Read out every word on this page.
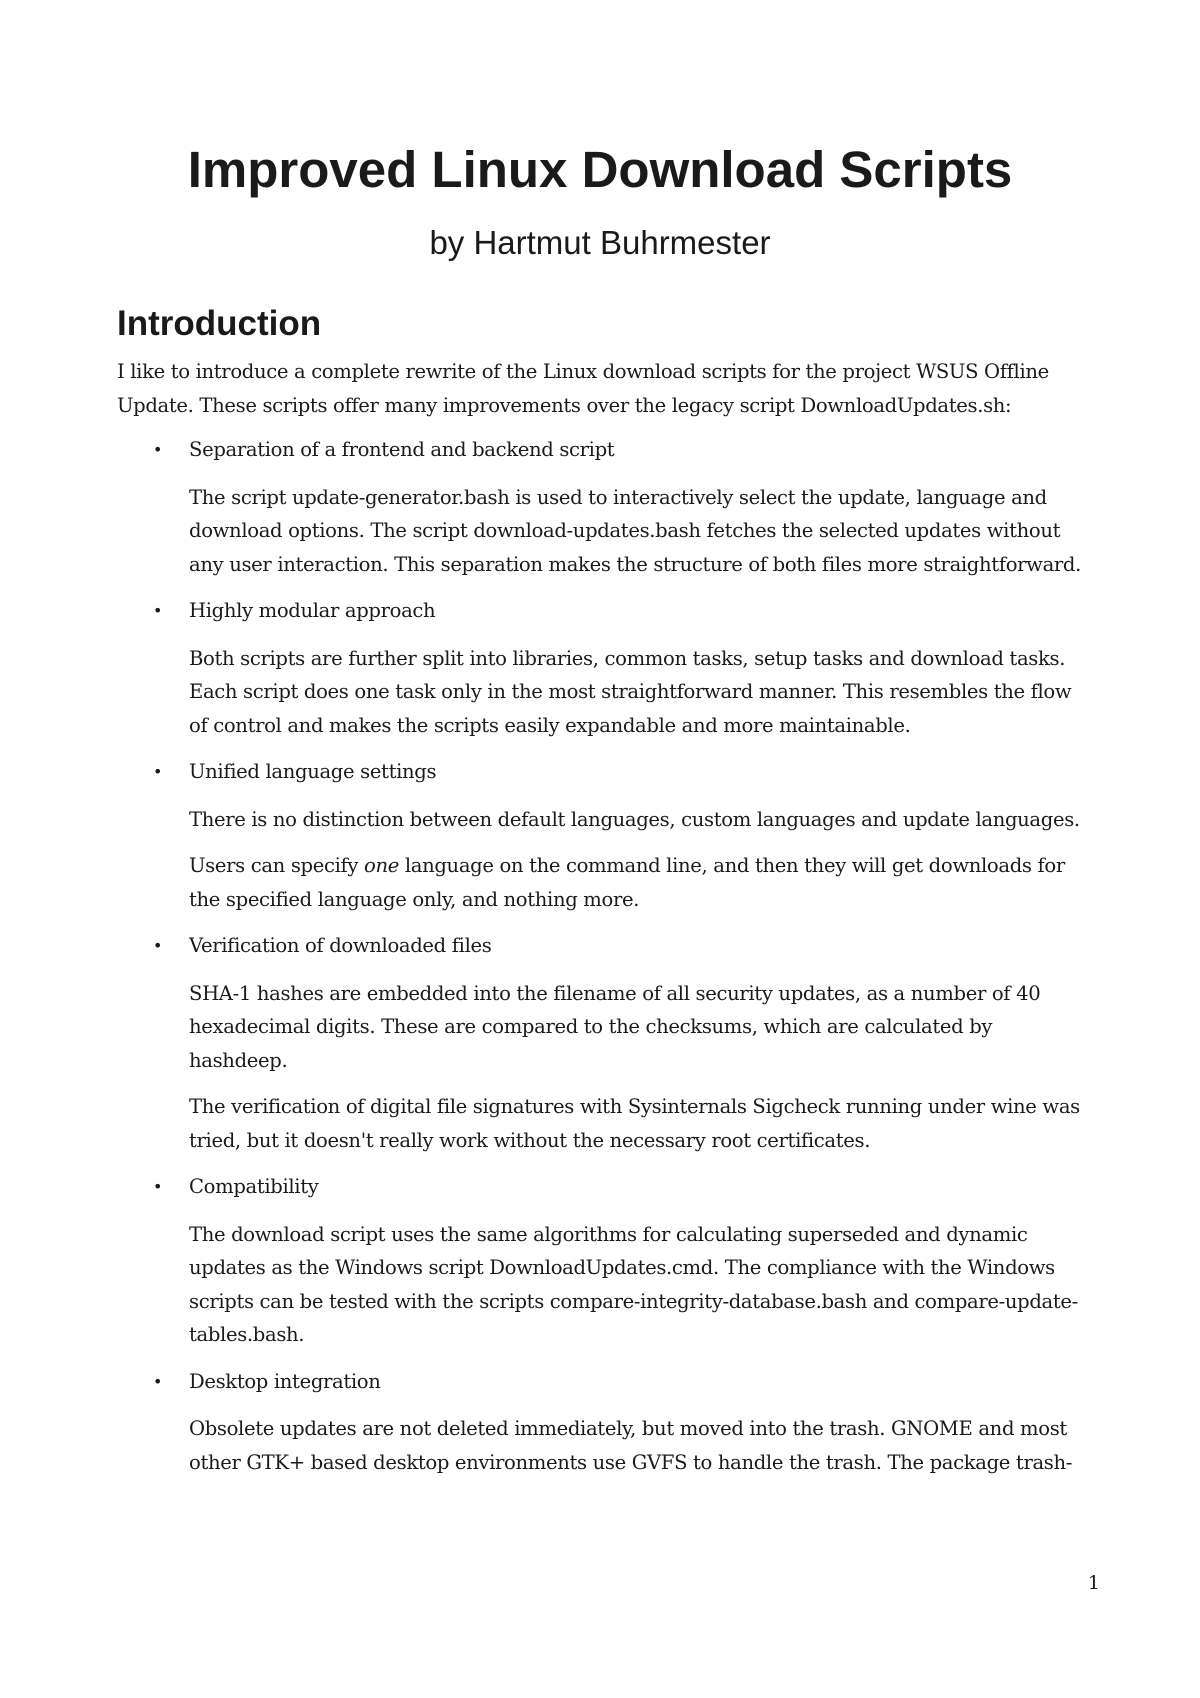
Improved Linux Download Scripts

by Hartmut Buhrmester

Introduction

I like to introduce a complete rewrite of the Linux download scripts for the project WSUS Offline Update. These scripts offer many improvements over the legacy script DownloadUpdates.sh:

• Separation of a frontend and backend script
The script update-generator.bash is used to interactively select the update, language and download options. The script download-updates.bash fetches the selected updates without any user interaction. This separation makes the structure of both files more straightforward.
• Highly modular approach
Both scripts are further split into libraries, common tasks, setup tasks and download tasks. Each script does one task only in the most straightforward manner. This resembles the flow of control and makes the scripts easily expandable and more maintainable.
• Unified language settings
There is no distinction between default languages, custom languages and update languages.
Users can specify one language on the command line, and then they will get downloads for the specified language only, and nothing more.
• Verification of downloaded files
SHA-1 hashes are embedded into the filename of all security updates, as a number of 40 hexadecimal digits. These are compared to the checksums, which are calculated by hashdeep.
The verification of digital file signatures with Sysinternals Sigcheck running under wine was tried, but it doesn't really work without the necessary root certificates.
• Compatibility
The download script uses the same algorithms for calculating superseded and dynamic updates as the Windows script DownloadUpdates.cmd. The compliance with the Windows scripts can be tested with the scripts compare-integrity-database.bash and compare-update-tables.bash.
• Desktop integration
Obsolete updates are not deleted immediately, but moved into the trash. GNOME and most other GTK+ based desktop environments use GVFS to handle the trash. The package trash-
1
